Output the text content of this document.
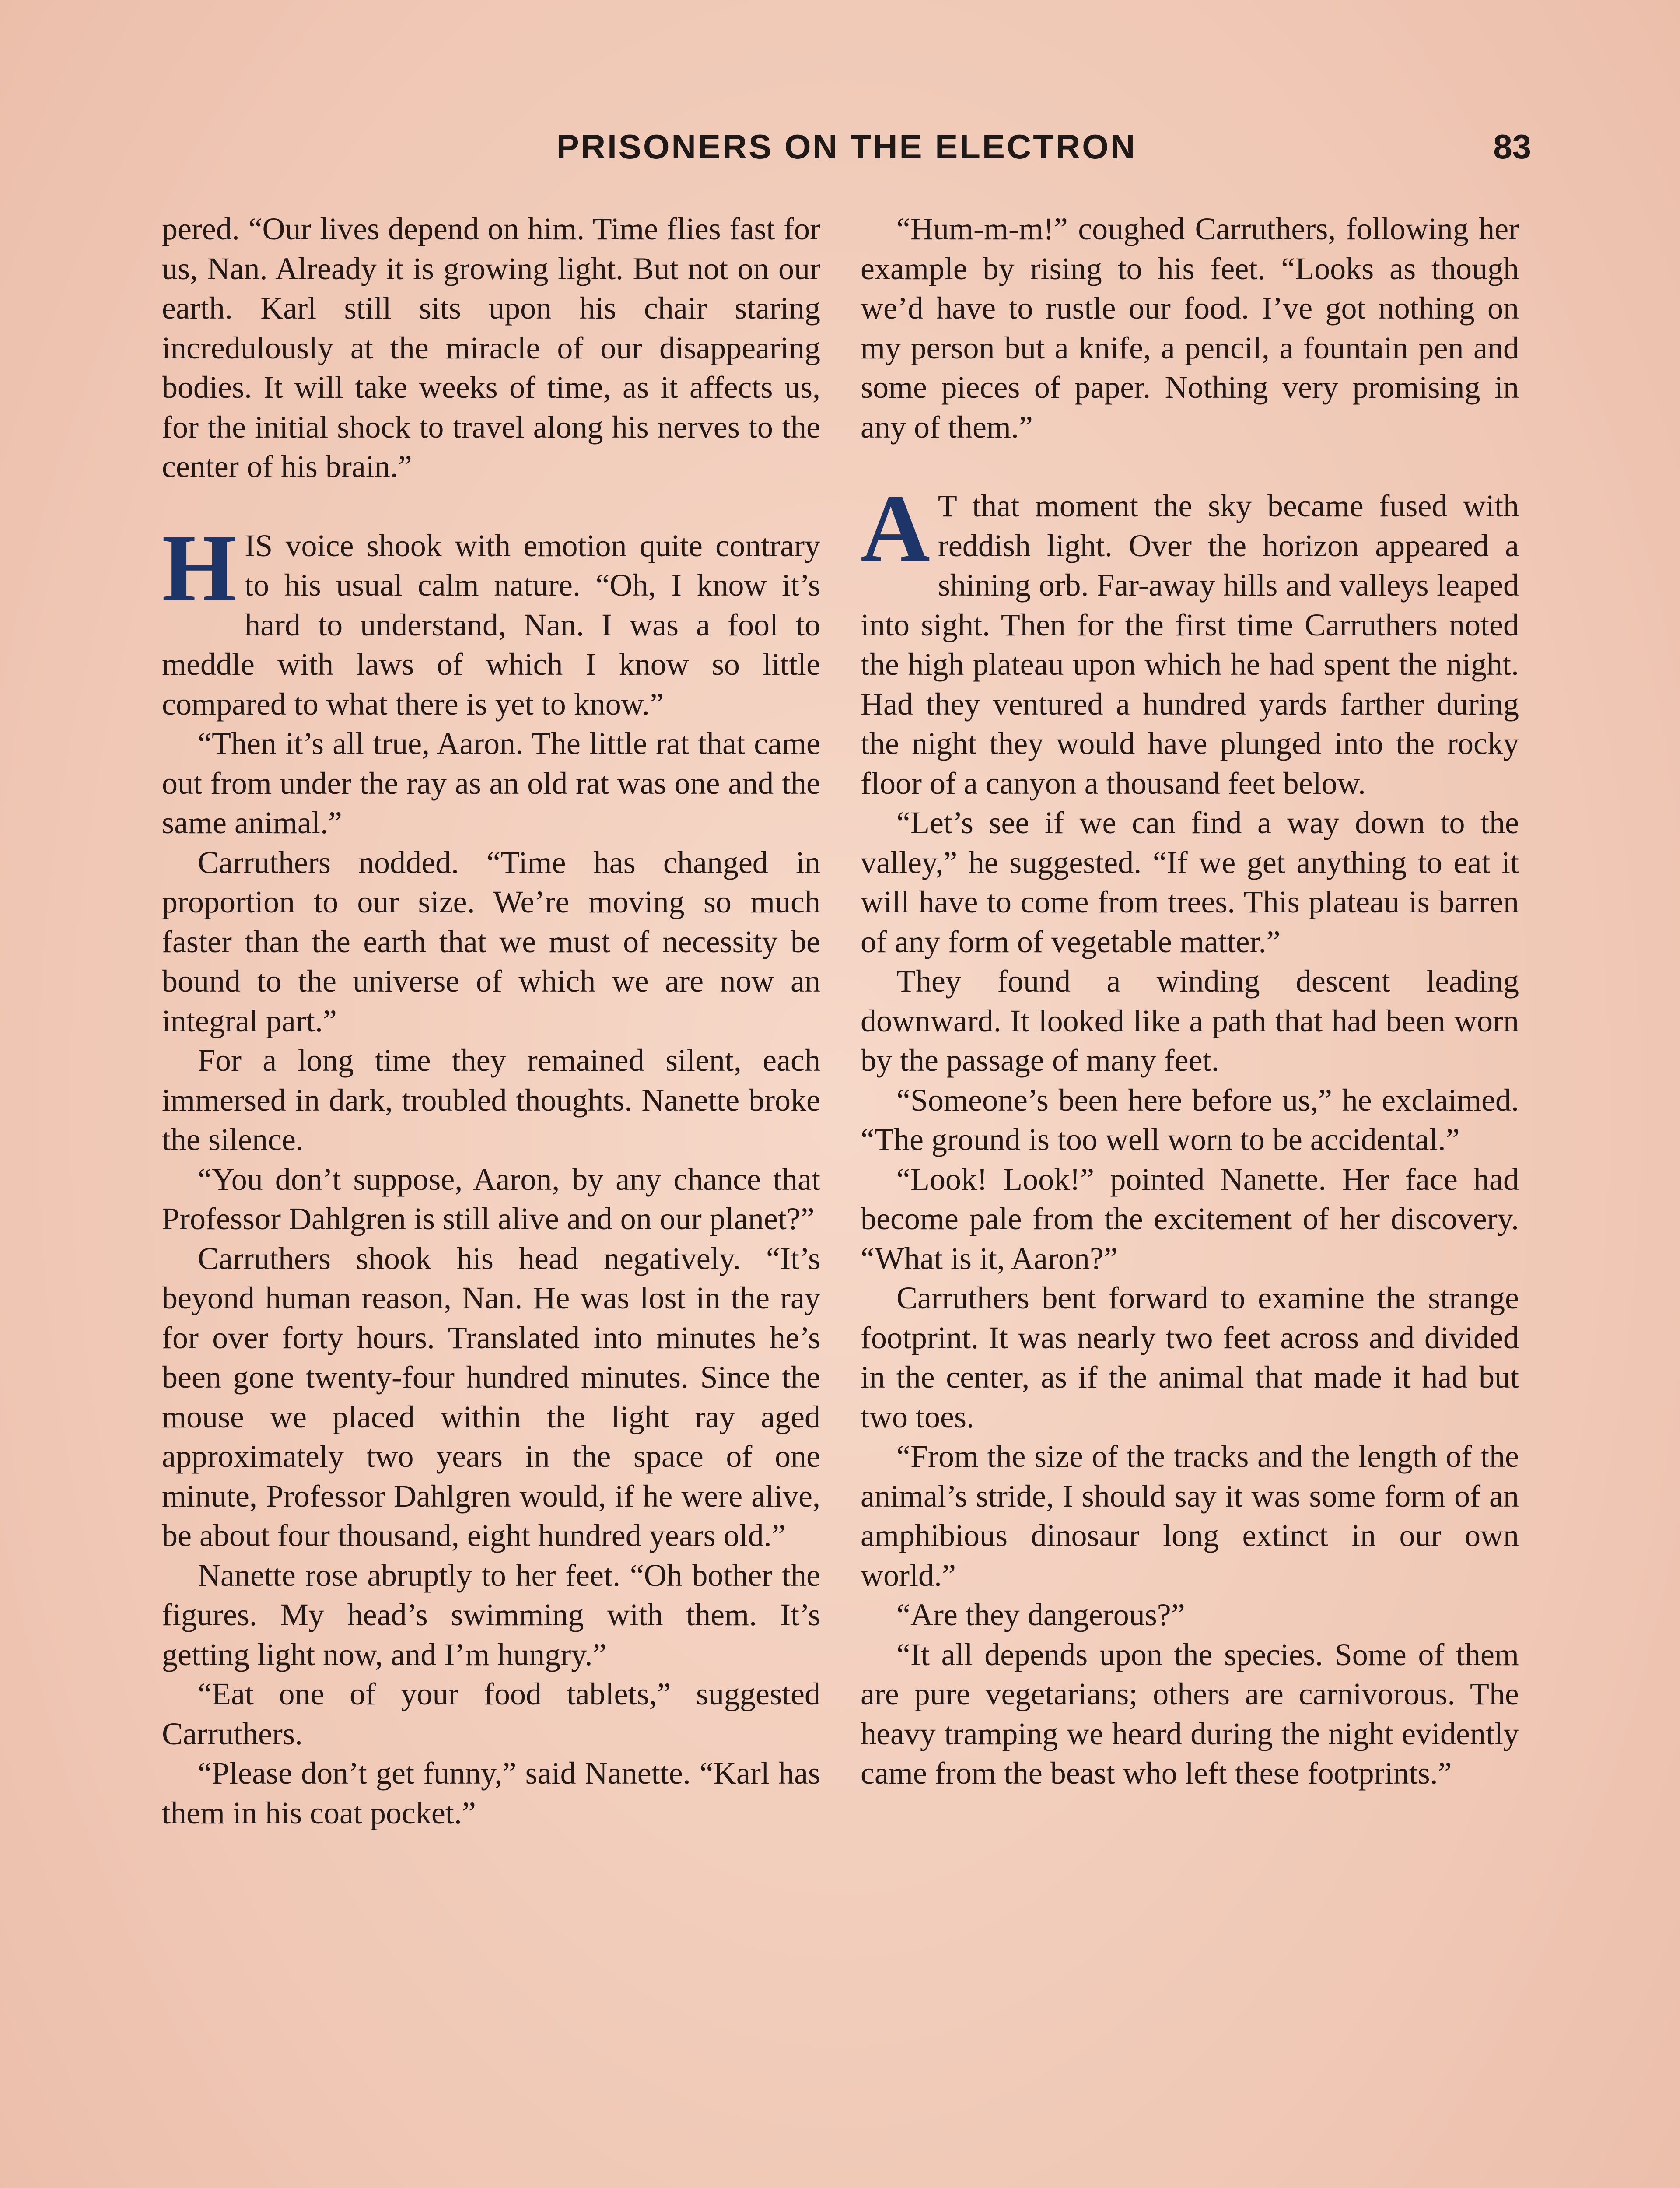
PRISONERS ON THE ELECTRON	83

pered. “Our lives depend on him. Time flies fast for us, Nan. Already it is growing light. But not on our earth. Karl still sits upon his chair staring incredulously at the miracle of our disappearing bodies. It will take weeks of time, as it affects us, for the initial shock to travel along his nerves to the center of his brain.”

HIS voice shook with emotion quite contrary to his usual calm nature. “Oh, I know it’s hard to understand, Nan. I was a fool to meddle with laws of which I know so little compared to what there is yet to know.”

“Then it’s all true, Aaron. The little rat that came out from under the ray as an old rat was one and the same animal.”

Carruthers nodded. “Time has changed in proportion to our size. We’re moving so much faster than the earth that we must of necessity be bound to the universe of which we are now an integral part.”

For a long time they remained silent, each immersed in dark, troubled thoughts. Nanette broke the silence.

“You don’t suppose, Aaron, by any chance that Professor Dahlgren is still alive and on our planet?”

Carruthers shook his head negatively. “It’s beyond human reason, Nan. He was lost in the ray for over forty hours. Translated into minutes he’s been gone twenty-four hundred minutes. Since the mouse we placed within the light ray aged approximately two years in the space of one minute, Professor Dahlgren would, if he were alive, be about four thousand, eight hundred years old.”

Nanette rose abruptly to her feet. “Oh bother the figures. My head’s swimming with them. It’s getting light now, and I’m hungry.”

“Eat one of your food tablets,” suggested Carruthers.

“Please don’t get funny,” said Nanette. “Karl has them in his coat pocket.”

“Hum-m-m!” coughed Carruthers, following her example by rising to his feet. “Looks as though we’d have to rustle our food. I’ve got nothing on my person but a knife, a pencil, a fountain pen and some pieces of paper. Nothing very promising in any of them.”

A T that moment the sky became fused with reddish light. Over the horizon appeared a shining orb. Far-away hills and valleys leaped into sight. Then for the first time Carruthers noted the high plateau upon which he had spent the night. Had they ventured a hundred yards farther during the night they would have plunged into the rocky floor of a canyon a thousand feet below.

“Let’s see if we can find a way down to the valley,” he suggested. “If we get anything to eat it will have to come from trees. This plateau is barren of any form of vegetable matter.”

They found a winding descent leading downward. It looked like a path that had been worn by the passage of many feet.

“Someone’s been here before us,” he exclaimed. “The ground is too well worn to be accidental.”

“Look! Look!” pointed Nanette. Her face had become pale from the excitement of her discovery. “What is it, Aaron?”

Carruthers bent forward to examine the strange footprint. It was nearly two feet across and divided in the center, as if the animal that made it had but two toes.

“From the size of the tracks and the length of the animal’s stride, I should say it was some form of an amphibious dinosaur long extinct in our own world.”

“Are they dangerous?”

“It all depends upon the species. Some of them are pure vegetarians; others are carnivorous. The heavy tramping we heard during the night evidently came from the beast who left these footprints.”
